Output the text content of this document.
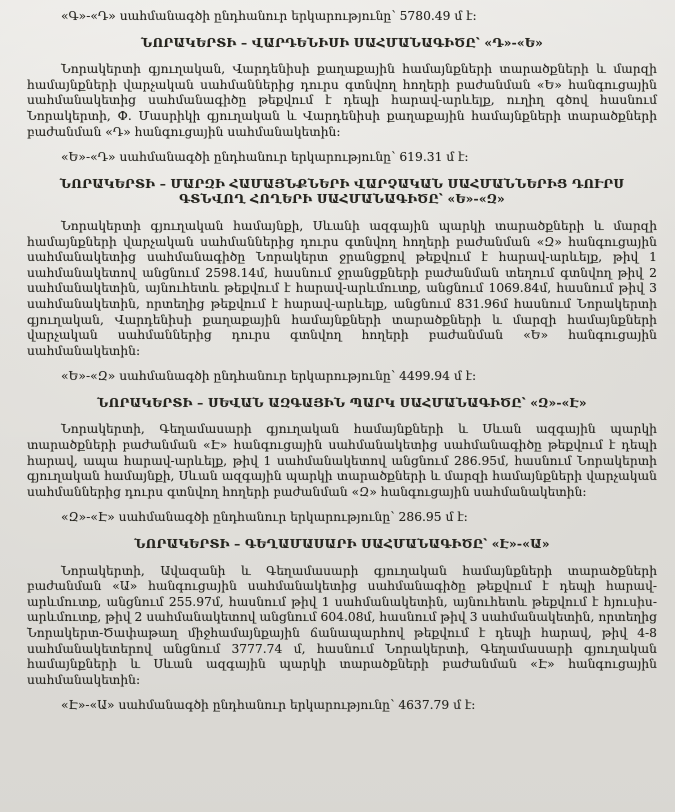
«Գ»-«Դ» սահմանագծի ընդհանուր երկարությունը՝ 5780.49 մ է:
ՆՈՐԱԿԵՐՏԻ – ՎԱՐԴԵՆԻՍԻ ՍԱՀՄԱՆԱԳԻԾԸ՝ «Դ»-«Ե»
Նորակերտի գյուղական, Վարդենիսի քաղաքային համայնքների տարածքների և մարզի համայնքների վարչական սահմաններից դուրս գտնվող հողերի բաժանման «Ե» հանգուցային սահմանակետից սահմանագիծը թեքվում է դեպի հարավ-արևելք, ուղիղ գծով հասնում Նորակերտի, Փ. Մասրիկի գյուղական և Վարդենիսի քաղաքային համայնքների տարածքների բաժանման «Դ» հանգուցային սահմանակետին:
«Ե»-«Դ» սահմանագծի ընդհանուր երկարությունը՝ 619.31 մ է:
ՆՈՐԱԿԵՐՏԻ – ՄԱՐԶԻ ՀԱՄԱՅՆՔՆԵՐԻ ՎԱՐՉԱԿԱՆ ՍԱՀՄԱՆՆԵՐԻՑ ԴՈՒՐՍ ԳՏՆՎՈՂ ՀՈՂԵՐԻ ՍԱՀՄԱՆԱԳԻԾԸ՝ «Ե»-«Զ»
Նորակերտի գյուղական համայնքի, Սևանի ազգային պարկի տարածքների և մարզի համայնքների վարչական սահմաններից դուրս գտնվող հողերի բաժանման «Զ» հանգուցային սահմանակետից սահմանագիծը Նորակերտ ջրանցքով թեքվում է հարավ-արևելք, թիվ 1 սահմանակետով անցնում 2598.14մ, հասնում ջրանցքների բաժանման տեղում գտնվող թիվ 2 սահմանակետին, այնուհետև թեքվում է հարավ-արևմուտք, անցնում 1069.84մ, հասնում թիվ 3 սահմանակետին, որտեղից թեքվում է հարավ-արևելք, անցնում 831.96մ հասնում Նորակերտի գյուղական, Վարդենիսի քաղաքային համայնքների տարածքների և մարզի համայնքների վարչական սահմաններից դուրս գտնվող հողերի բաժանման «Ե» հանգուցային սահմանակետին:
«Ե»-«Զ» սահմանագծի ընդհանուր երկարությունը՝ 4499.94 մ է:
ՆՈՐԱԿԵՐՏԻ – ՍԵՎԱՆ ԱԶԳԱՅԻՆ ՊԱՐԿ ՍԱՀՄԱՆԱԳԻԾԸ՝ «Զ»-«Է»
Նորակերտի, Գեղամասարի գյուղական համայնքների և Սևան ազգային պարկի տարածքների բաժանման «Է» հանգուցային սահմանակետից սահմանագիծը թեքվում է դեպի հարավ, ապա հարավ-արևելք, թիվ 1 սահմանակետով անցնում 286.95մ, հասնում Նորակերտի գյուղական համայնքի, Սևան ազգային պարկի տարածքների և մարզի համայնքների վարչական սահմաններից դուրս գտնվող հողերի բաժանման «Զ» հանգուցային սահմանակետին:
«Զ»-«Է» սահմանագծի ընդհանուր երկարությունը՝ 286.95 մ է:
ՆՈՐԱԿԵՐՏԻ – ԳԵՂԱՄԱՍԱՐԻ ՍԱՀՄԱՆԱԳԻԾԸ՝ «Է»-«Ա»
Նորակերտի, Ավազանի և Գեղամասարի գյուղական համայնքների տարածքների բաժանման «Ա» հանգուցային սահմանակետից սահմանագիծը թեքվում է դեպի հարավ-արևմուտք, անցնում 255.97մ, հասնում թիվ 1 սահմանակետին, այնուհետև թեքվում է հյուսիս-արևմուտք, թիվ 2 սահմանակետով անցնում 604.08մ, հասնում թիվ 3 սահմանակետին, որտեղից Նորակերտ-Ծափաթաղ միջհամայնքային ճանապարհով թեքվում է դեպի հարավ, թիվ 4-8 սահմանակետերով անցնում 3777.74 մ, հասնում Նորակերտի, Գեղամասարի գյուղական համայնքների և Սևան ազգային պարկի տարածքների բաժանման «Է» հանգուցային սահմանակետին:
«Է»-«Ա» սահմանագծի ընդհանուր երկարությունը՝ 4637.79 մ է:
